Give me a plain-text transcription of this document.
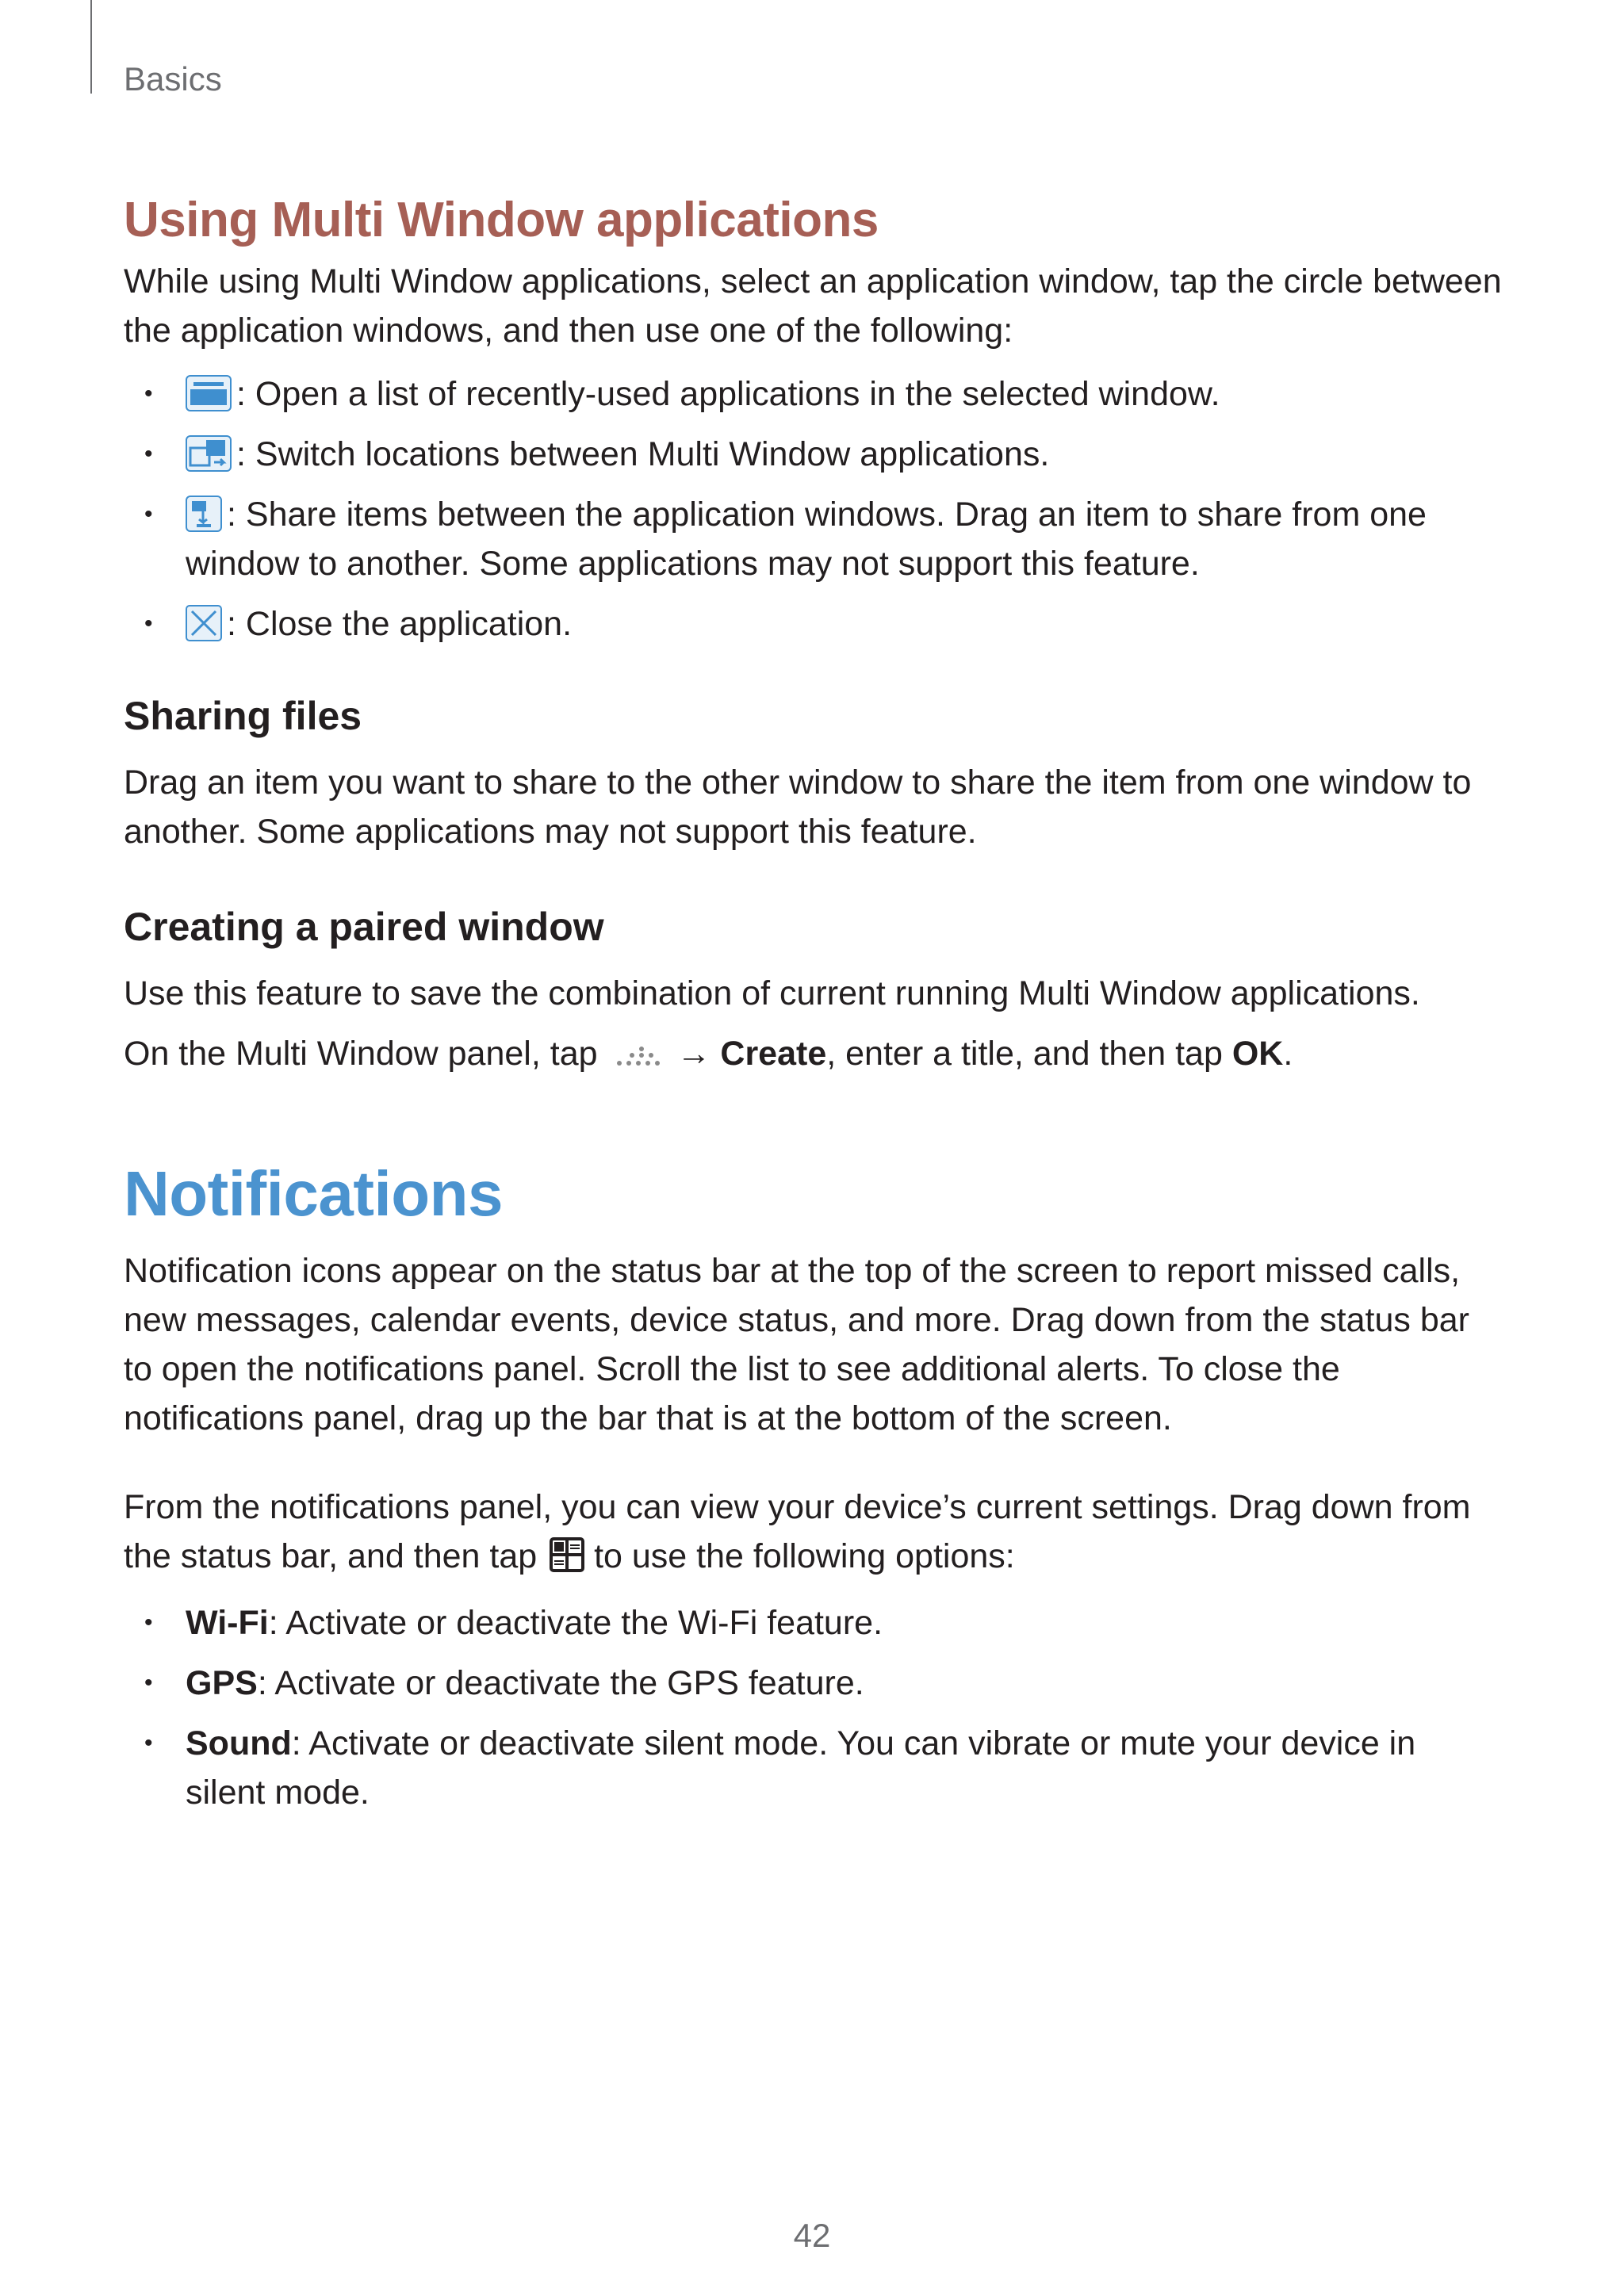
Basics
Using Multi Window applications

While using Multi Window applications, select an application window, tap the circle between the application windows, and then use one of the following:

• : Open a list of recently-used applications in the selected window.
• : Switch locations between Multi Window applications.
• : Share items between the application windows. Drag an item to share from one window to another. Some applications may not support this feature.
• : Close the application.
Sharing files

Drag an item you want to share to the other window to share the item from one window to another. Some applications may not support this feature.

Creating a paired window

Use this feature to save the combination of current running Multi Window applications.

On the Multi Window panel, tap
→ Create, enter a title, and then tap OK.

Notifications

Notification icons appear on the status bar at the top of the screen to report missed calls, new messages, calendar events, device status, and more. Drag down from the status bar to open the notifications panel. Scroll the list to see additional alerts. To close the notifications panel, drag up the bar that is at the bottom of the screen.

From the notifications panel, you can view your device’s current settings. Drag down from the status bar, and then tap
to use the following options:

• Wi-Fi: Activate or deactivate the Wi-Fi feature.
• GPS: Activate or deactivate the GPS feature.
• Sound: Activate or deactivate silent mode. You can vibrate or mute your device in silent mode.
42
